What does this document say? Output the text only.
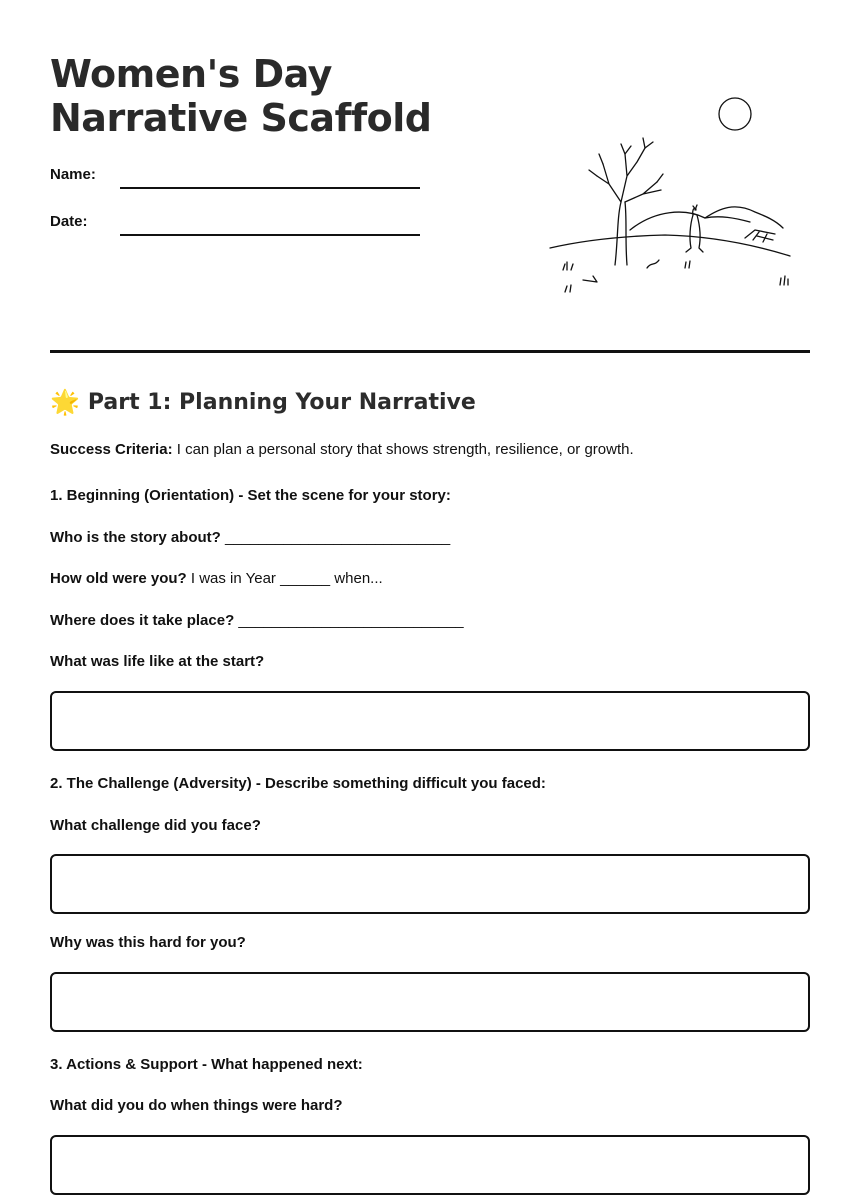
Women's Day Narrative Scaffold
Name:
Date:
🌟 Part 1: Planning Your Narrative
Success Criteria: I can plan a personal story that shows strength, resilience, or growth.
1. Beginning (Orientation) - Set the scene for your story:
Who is the story about? ___________________________
How old were you? I was in Year ______ when...
Where does it take place? ___________________________
What was life like at the start?
2. The Challenge (Adversity) - Describe something difficult you faced:
What challenge did you face?
Why was this hard for you?
3. Actions & Support - What happened next:
What did you do when things were hard?
